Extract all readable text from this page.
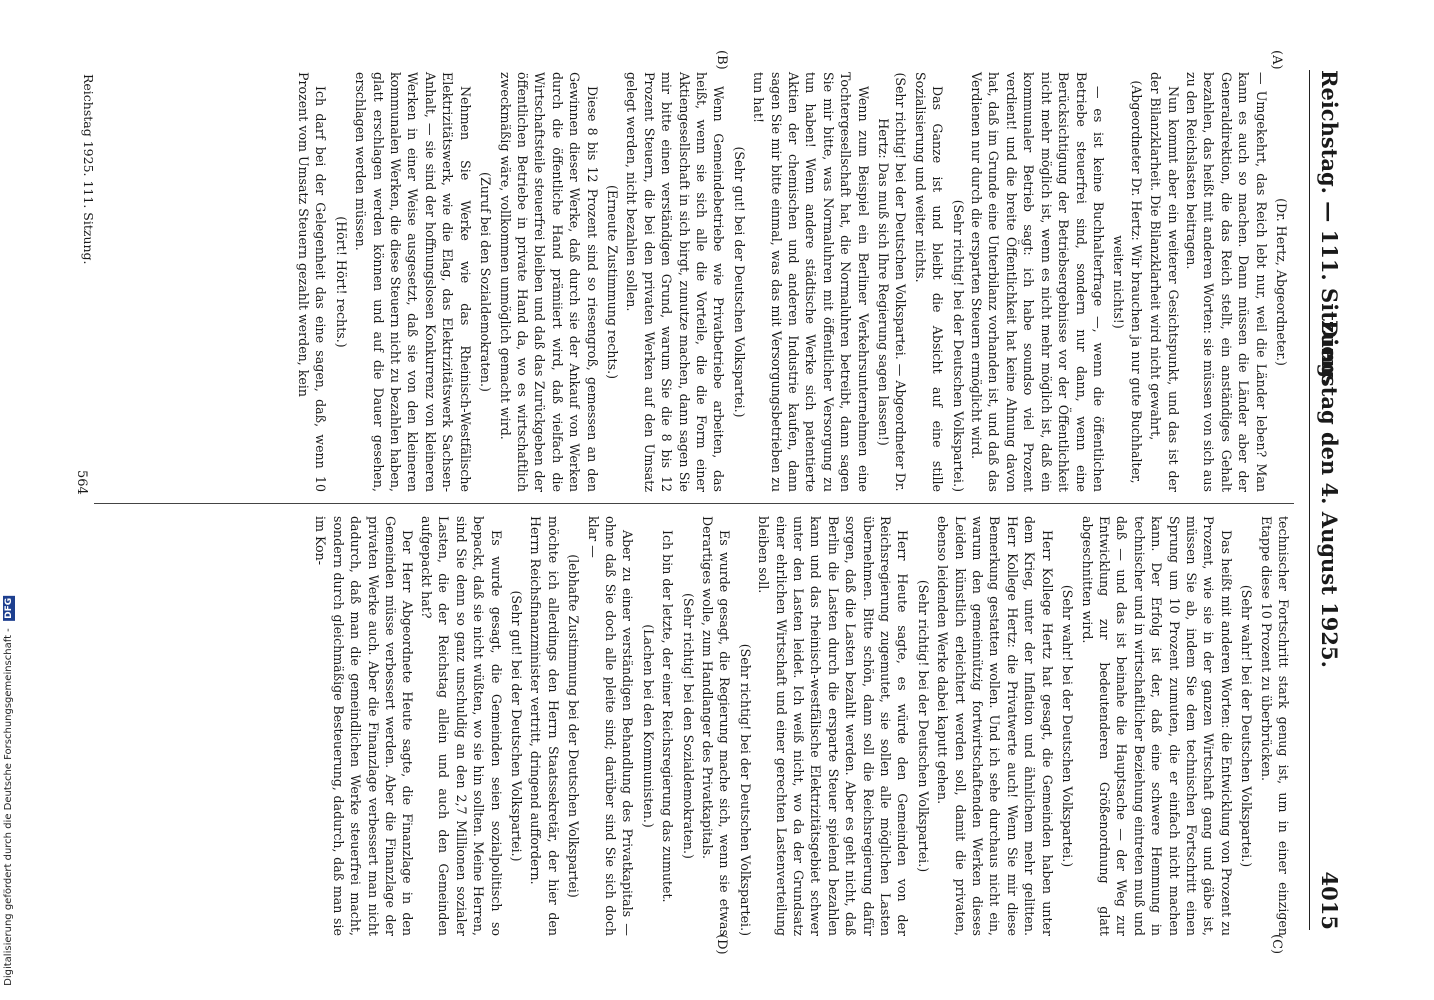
Reichstag. — 111. Sitzung.
Dienstag den 4. August 1925.
4015
(A)
(B)
(C)
(D)
(Dr. Hertz, Abgeordneter.)

— Umgekehrt, das Reich lebt nur, weil die Länder leben? Man kann es auch so machen. Dann müssen die Länder aber der Generaldirektion, die das Reich stellt, ein anständiges Gehalt bezahlen, das heißt mit anderen Worten: sie müssen von sich aus zu den Reichslasten beitragen.

Nun kommt aber ein weiterer Gesichtspunkt, und das ist der der Bilanzklarheit. Die Bilanzklarheit wird nicht gewahrt,

(Abgeordneter Dr. Hertz: Wir brauchen ja nur gute Buchhalter, weiter nichts!)

— es ist keine Buchhalterfrage —, wenn die öffentlichen Betriebe steuerfrei sind, sondern nur dann, wenn eine Berücksichtigung der Betriebsergebnisse vor der Öffentlichkeit nicht mehr möglich ist, wenn es nicht mehr möglich ist, daß ein kommunaler Betrieb sagt: ich habe soundso viel Prozent verdient! und die breite Öffentlichkeit hat keine Ahnung davon hat, daß im Grunde eine Unterbilanz vorhanden ist, und daß das Verdienen nur durch die ersparten Steuern ermöglicht wird.

(Sehr richtig! bei der Deutschen Volkspartei.)

Das Ganze ist und bleibt die Absicht auf eine stille Sozialisierung und weiter nichts.

(Sehr richtig! bei der Deutschen Volkspartei. — Abgeordneter Dr. Hertz: Das muß sich Ihre Regierung sagen lassen!)

Wenn zum Beispiel ein Berliner Verkehrsunternehmen eine Tochtergesellschaft hat, die Normaluhren betreibt, dann sagen Sie mir bitte, was Normaluhren mit öffentlicher Versorgung zu tun haben! Wenn andere städtische Werke sich patentierte Aktien der chemischen und anderen Industrie kaufen, dann sagen Sie mir bitte einmal, was das mit Versorgungsbetrieben zu tun hat!

(Sehr gut! bei der Deutschen Volkspartei.)

Wenn Gemeindebetriebe wie Privatbetriebe arbeiten, das heißt, wenn sie sich alle die Vorteile, die die Form einer Aktiengesellschaft in sich birgt, zunutze machen, dann sagen Sie mir bitte einen verständigen Grund, warum Sie die 8 bis 12 Prozent Steuern, die bei den privaten Werken auf den Umsatz gelegt werden, nicht bezahlen sollen.

(Erneute Zustimmung rechts.)

Diese 8 bis 12 Prozent sind so riesengroß, gemessen an den Gewinnen dieser Werke, daß durch sie der Ankauf von Werken durch die öffentliche Hand prämiiert wird, daß vielfach die Wirtschaftsteile steuerfrei bleiben und daß das Zurückgeben der öffentlichen Betriebe in private Hand da, wo es wirtschaftlich zweckmäßig wäre, vollkommen unmöglich gemacht wird.

(Zuruf bei den Sozialdemokraten.)

Nehmen Sie Werke wie das Rheinisch-Westfälische Elektrizitätswerk, wie die Elag, das Elektrizitätswerk Sachsen-Anhalt, — sie sind der hoffnungslosen Konkurrenz von kleineren Werken in einer Weise ausgesetzt, daß sie von den kleineren kommunalen Werken, die diese Steuern nicht zu bezahlen haben, glatt erschlagen werden können und auf die Dauer gesehen, erschlagen werden müssen.

(Hört! Hört! rechts.)

Ich darf bei der Gelegenheit das eine sagen, daß, wenn 10 Prozent vom Umsatz Steuern gezahlt werden, kein

technischer Fortschritt stark genug ist, um in einer einzigen Etappe diese 10 Prozent zu überbrücken.

(Sehr wahr! bei der Deutschen Volkspartei.)

Das heißt mit anderen Worten: die Entwicklung von Prozent zu Prozent, wie sie in der ganzen Wirtschaft gang und gäbe ist, müssen Sie ab, indem Sie dem technischen Fortschritt einen Sprung um 10 Prozent zumuten, die er einfach nicht machen kann. Der Erfolg ist der, daß eine schwere Hemmung in technischer und in wirtschaftlicher Beziehung eintreten muß und daß — und das ist beinahe die Hauptsache — der Weg zur Entwicklung zur bedeutenderen Größenordnung glatt abgeschnitten wird.

(Sehr wahr! bei der Deutschen Volkspartei.)

Herr Kollege Hertz hat gesagt, die Gemeinden haben unter dem Krieg, unter der Inflation und ähnlichem mehr gelitten. Herr Kollege Hertz: die Privatwerte auch! Wenn Sie mir diese Bemerkung gestatten wollen. Und ich sehe durchaus nicht ein, warum den gemeinnützig fortwirtschaftenden Werken dieses Leiden künstlich erleichtert werden soll, damit die privaten, ebenso leidenden Werke dabei kaputt gehen.

(Sehr richtig! bei der Deutschen Volkspartei.)

Herr Heute sagte, es würde den Gemeinden von der Reichsregierung zugemutet, sie sollen alle möglichen Lasten übernehmen. Bitte schön, dann soll die Reichsregierung dafür sorgen, daß die Lasten bezahlt werden. Aber es geht nicht, daß Berlin die Lasten durch die ersparte Steuer spielend bezahlen kann und das rheinisch-westfälische Elektrizitätsgebiet schwer unter den Lasten leidet. Ich weiß nicht, wo da der Grundsatz einer ehrlichen Wirtschaft und einer gerechten Lastenverteilung bleiben soll.

(Sehr richtig! bei der Deutschen Volkspartei.)

Es wurde gesagt, die Regierung mache sich, wenn sie etwas Derartiges wolle, zum Handlanger des Privatkapitals.

(Sehr richtig! bei den Sozialdemokraten.)

Ich bin der letzte, der einer Reichsregierung das zumutet.

(Lachen bei den Kommunisten.)

Aber zu einer verständigen Behandlung des Privatkapitals — ohne daß Sie doch alle pleite sind; darüber sind Sie sich doch klar —

(lebhafte Zustimmung bei der Deutschen Volkspartei)

möchte ich allerdings den Herrn Staatssekretär, der hier den Herrn Reichsfinanzminister vertritt, dringend auffordern.

(Sehr gut! bei der Deutschen Volkspartei.)

Es wurde gesagt, die Gemeinden seien sozialpolitisch so bepackt, daß sie nicht wüßten, wo sie hin sollten. Meine Herren, sind Sie denn so ganz unschuldig an den 2,7 Millionen sozialer Lasten, die der Reichstag allein und auch den Gemeinden aufgepackt hat?

Der Herr Abgeordnete Heute sagte, die Finanzlage in den Gemeinden müsse verbessert werden. Aber die Finanzlage der privaten Werke auch. Aber die Finanzlage verbessert man nicht dadurch, daß man die gemeindlichen Werke steuerfrei macht, sondern durch gleichmäßige Besteuerung, dadurch, daß man sie im Kon-

Reichstag 1925. 111. Sitzung.
564
Digitalisierung gefördert durch die Deutsche Forschungsgemeinschaft - DFG
